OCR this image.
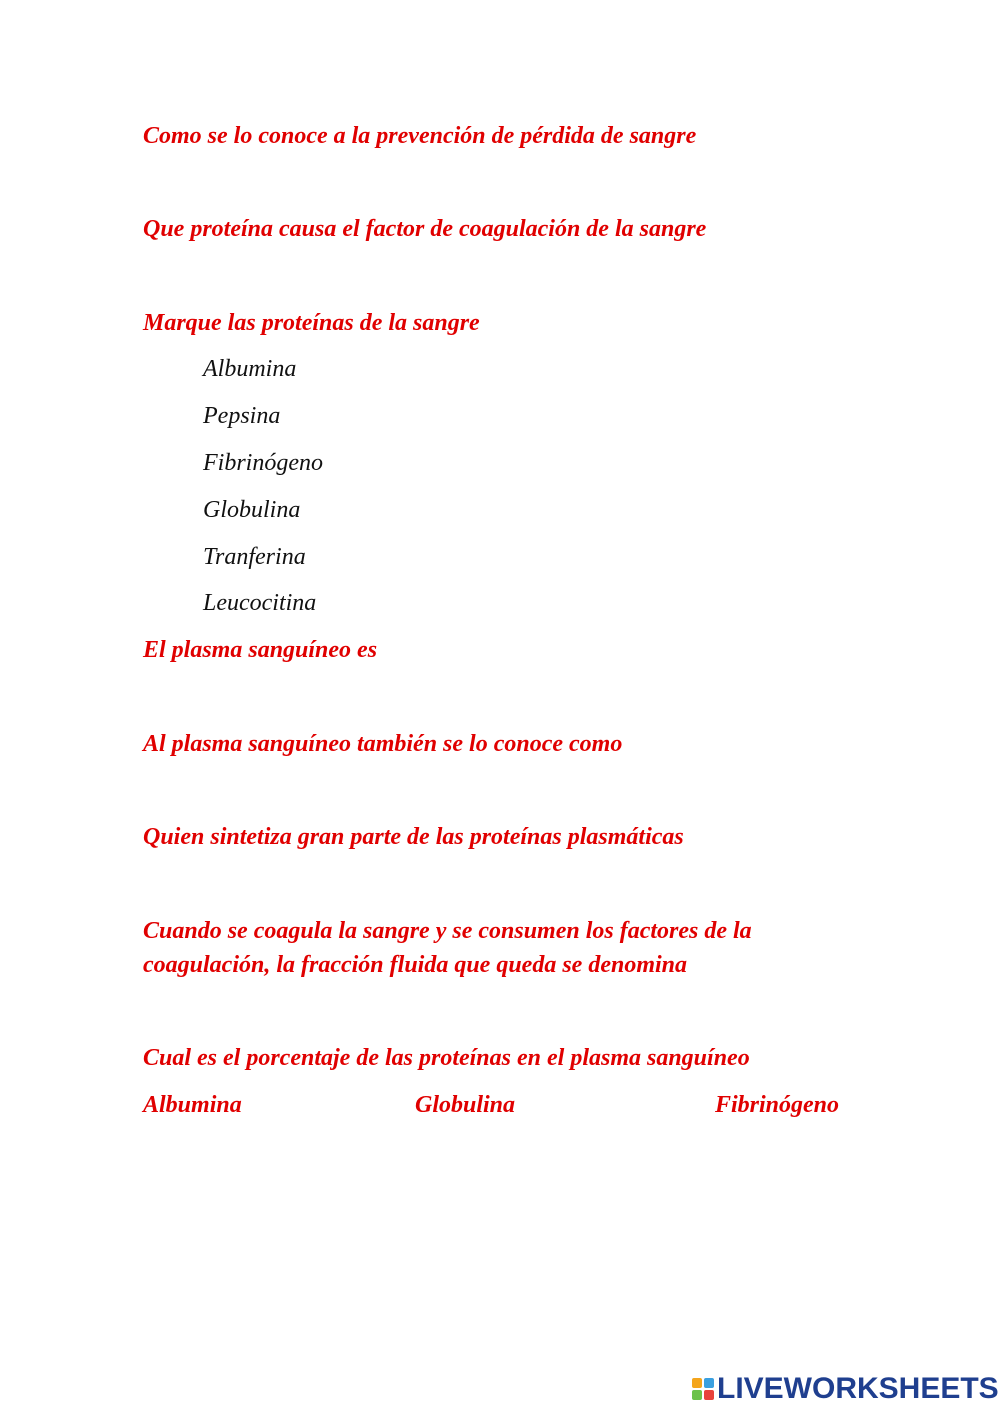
Como se lo conoce a la prevención de pérdida de sangre

Que proteína causa el factor de coagulación de la sangre

Marque las proteínas de la sangre

Albumina

Pepsina

Fibrinógeno

Globulina

Tranferina

Leucocitina

El plasma sanguíneo es

Al plasma sanguíneo también se lo conoce como

Quien sintetiza gran parte de las proteínas plasmáticas

Cuando se coagula la sangre y se consumen los factores de la

coagulación, la fracción fluida que queda se denomina

Cual es el porcentaje de las proteínas en el plasma sanguíneo

Albumina	Globulina	Fibrinógeno
LIVEWORKSHEETS
